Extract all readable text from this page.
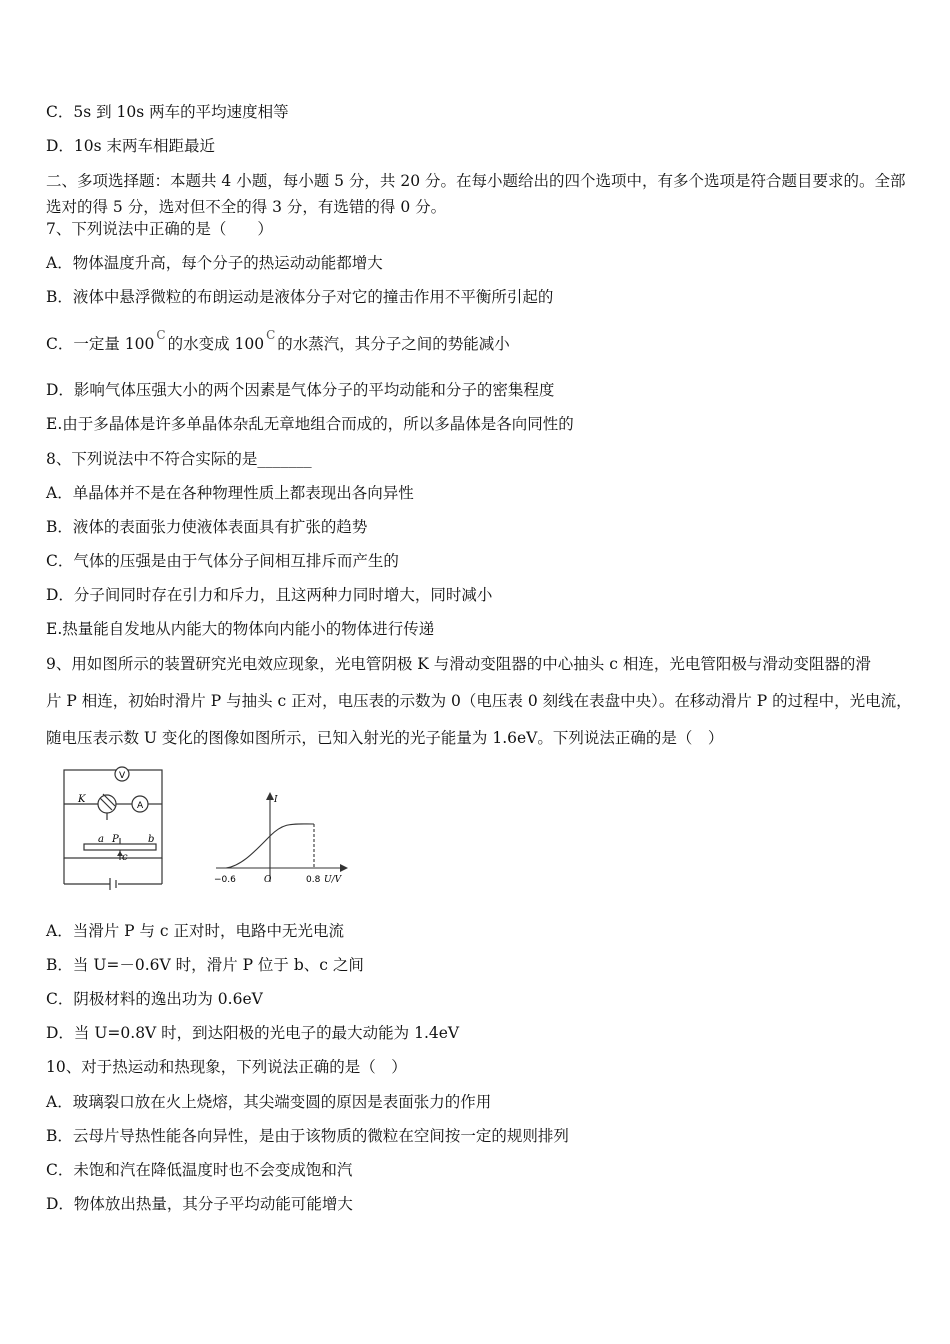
C．5s 到 10s 两车的平均速度相等
D．10s 末两车相距最近
二、多项选择题：本题共 4 小题，每小题 5 分，共 20 分。在每小题给出的四个选项中，有多个选项是符合题目要求的。全部选对的得 5 分，选对但不全的得 3 分，有选错的得 0 分。
7、下列说法中正确的是（　　）
A．物体温度升高，每个分子的热运动动能都增大
B．液体中悬浮微粒的布朗运动是液体分子对它的撞击作用不平衡所引起的
C．一定量 100 $^C$ 的水变成 100 $^C$ 的水蒸汽，其分子之间的势能减小
D．影响气体压强大小的两个因素是气体分子的平均动能和分子的密集程度
E.由于多晶体是许多单晶体杂乱无章地组合而成的，所以多晶体是各向同性的
8、下列说法中不符合实际的是_______
A．单晶体并不是在各种物理性质上都表现出各向异性
B．液体的表面张力使液体表面具有扩张的趋势
C．气体的压强是由于气体分子间相互排斥而产生的
D．分子间同时存在引力和斥力，且这两种力同时增大，同时减小
E.热量能自发地从内能大的物体向内能小的物体进行传递
9、用如图所示的装置研究光电效应现象，光电管阴极 K 与滑动变阻器的中心抽头 c 相连，光电管阳极与滑动变阻器的滑
片 P 相连，初始时滑片 P 与抽头 c 正对，电压表的示数为 0（电压表 0 刻线在表盘中央）。在移动滑片 P 的过程中，光电流，
随电压表示数 U 变化的图像如图所示，已知入射光的光子能量为 1.6eV。下列说法正确的是（　）
V
A
K
a P	b
c
I
−0.6	O	0.8 U/V
A．当滑片 P 与 c 正对时，电路中无光电流
B．当 U=－0.6V 时，滑片 P 位于 b、c 之间
C．阴极材料的逸出功为 0.6eV
D．当 U=0.8V 时，到达阳极的光电子的最大动能为 1.4eV
10、对于热运动和热现象，下列说法正确的是（　）
A．玻璃裂口放在火上烧熔，其尖端变圆的原因是表面张力的作用
B．云母片导热性能各向异性，是由于该物质的微粒在空间按一定的规则排列
C．未饱和汽在降低温度时也不会变成饱和汽
D．物体放出热量，其分子平均动能可能增大
